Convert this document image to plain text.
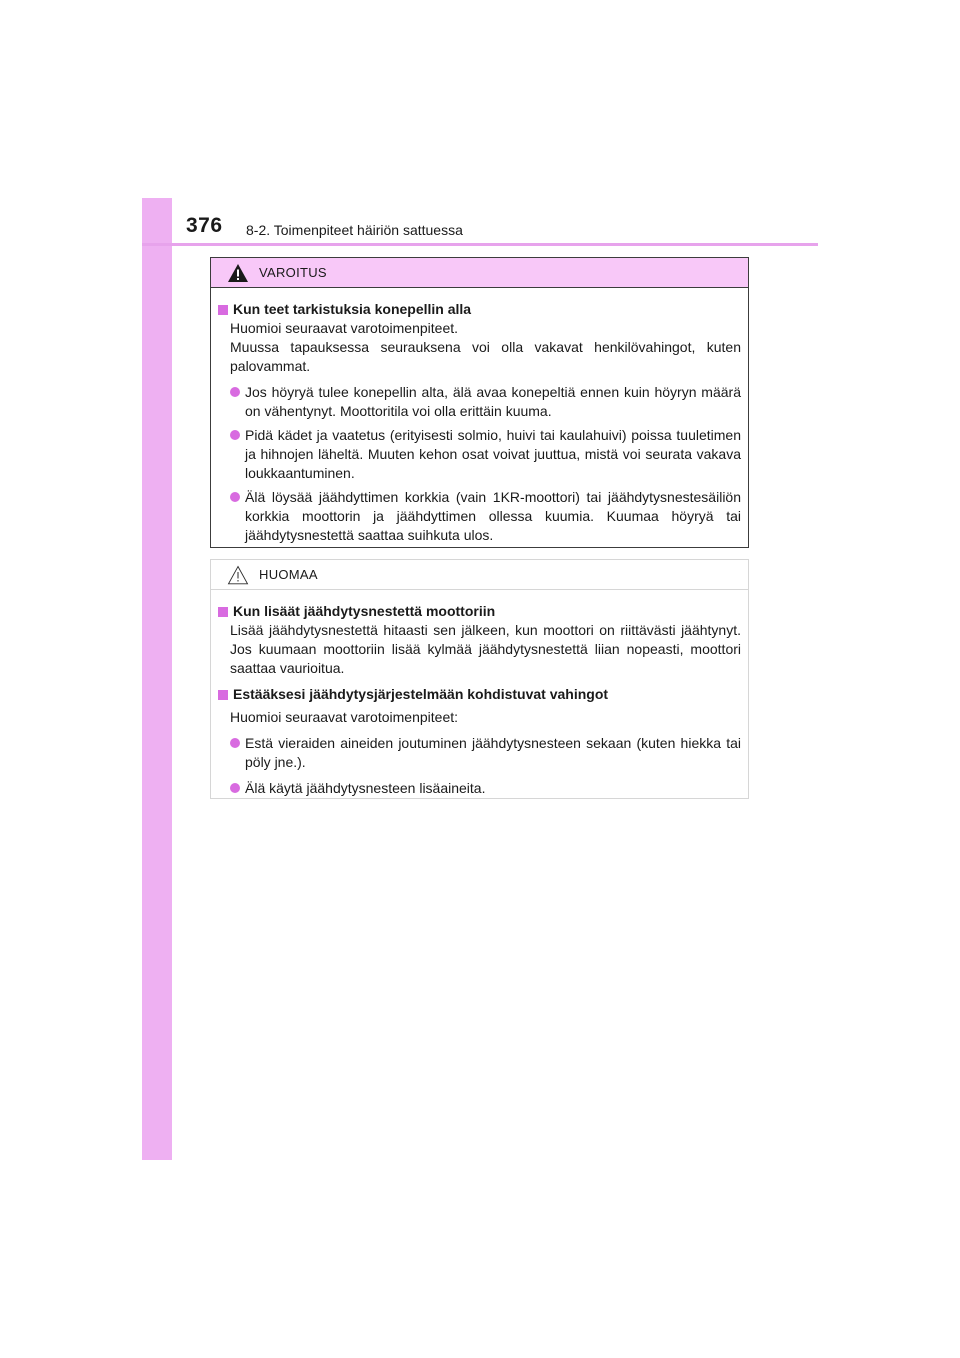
376 8-2. Toimenpiteet häiriön sattuessa
VAROITUS
Kun teet tarkistuksia konepellin alla
Huomioi seuraavat varotoimenpiteet.
Muussa tapauksessa seurauksena voi olla vakavat henkilövahingot, kuten palovammat.
Jos höyryä tulee konepellin alta, älä avaa konepeltiä ennen kuin höyryn määrä on vähentynyt. Moottoritila voi olla erittäin kuuma.
Pidä kädet ja vaatetus (erityisesti solmio, huivi tai kaulahuivi) poissa tuuletimen ja hihnojen läheltä. Muuten kehon osat voivat juuttua, mistä voi seurata vakava loukkaantuminen.
Älä löysää jäähdyttimen korkkia (vain 1KR-moottori) tai jäähdytysnestesäiliön korkkia moottorin ja jäähdyttimen ollessa kuumia. Kuumaa höyryä tai jäähdytysnestettä saattaa suihkuta ulos.
HUOMAA
Kun lisäät jäähdytysnestettä moottoriin
Lisää jäähdytysnestettä hitaasti sen jälkeen, kun moottori on riittävästi jäähtynyt. Jos kuumaan moottoriin lisää kylmää jäähdytysnestettä liian nopeasti, moottori saattaa vaurioitua.
Estääksesi jäähdytysjärjestelmään kohdistuvat vahingot
Huomioi seuraavat varotoimenpiteet:
Estä vieraiden aineiden joutuminen jäähdytysnesteen sekaan (kuten hiekka tai pöly jne.).
Älä käytä jäähdytysnesteen lisäaineita.
